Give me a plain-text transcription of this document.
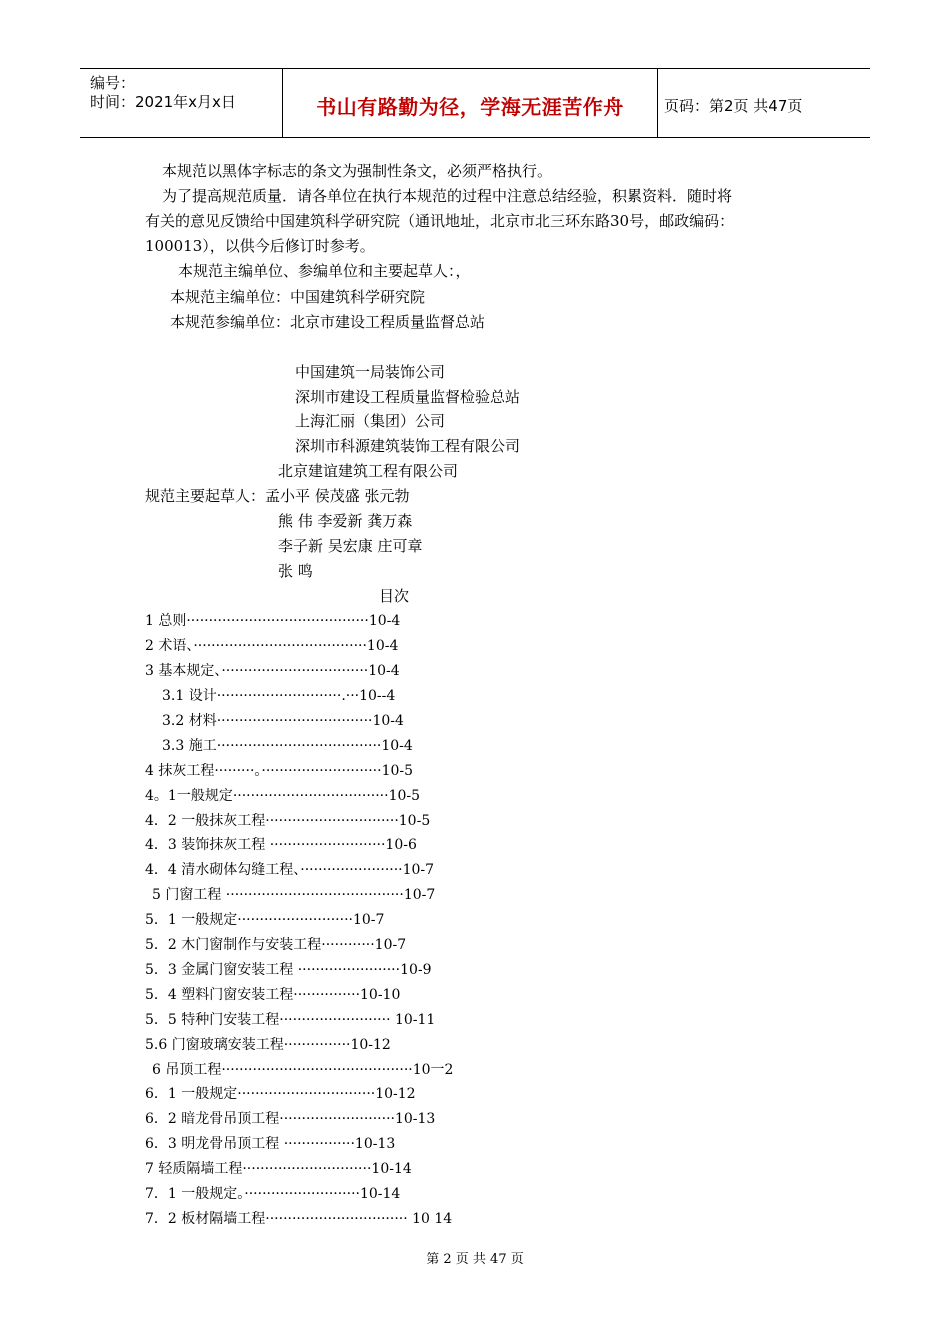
编号：
时间：2021年x月x日	书山有路勤为径，学海无涯苦作舟	页码：第2页 共47页
本规范以黑体字标志的条文为强制性条文，必须严格执行。
为了提高规范质量．请各单位在执行本规范的过程中注意总结经验，积累资料．随时将
有关的意见反馈给中国建筑科学研究院（通讯地址，北京市北三环东路30号，邮政编码：
100013），以供今后修订时参考。
本规范主编单位、参编单位和主要起草人：，
本规范主编单位：中国建筑科学研究院
本规范参编单位：北京市建设工程质量监督总站
中国建筑一局装饰公司
深圳市建设工程质量监督检验总站
上海汇丽（集团）公司
深圳市科源建筑装饰工程有限公司
北京建谊建筑工程有限公司
规范主要起草人：孟小平 侯茂盛 张元勃
熊 伟 李爱新 龚万森
李子新 吴宏康 庄可章
张 鸣
目次
1 总则·········································10-4
2 术语、·······································10-4
3 基本规定、·································10-4
3.1 设计····························.···10--4
3.2 材料···································10-4
3.3 施工·····································10-4
4 抹灰工程·········。···························10-5
4。1一般规定···································10-5
4．2 一般抹灰工程······························10-5
4．3 装饰抹灰工程 ··························10-6
4．4 清水砌体勾缝工程、·······················10-7
5 门窗工程 ········································10-7
5．1 一般规定··························10-7
5．2 木门窗制作与安装工程············10-7
5．3 金属门窗安装工程 ·······················10-9
5．4 塑料门窗安装工程···············10-10
5．5 特种门安装工程························· 10-11
5.6 门窗玻璃安装工程···············10-12
6 吊顶工程···········································10一2
6．1 一般规定·······························10-12
6．2 暗龙骨吊顶工程··························10-13
6．3 明龙骨吊顶工程 ················10-13
7 轻质隔墙工程·····························10-14
7．1 一般规定。··························10-14
7．2 板材隔墙工程································ 10 14
第 2 页 共 47 页
